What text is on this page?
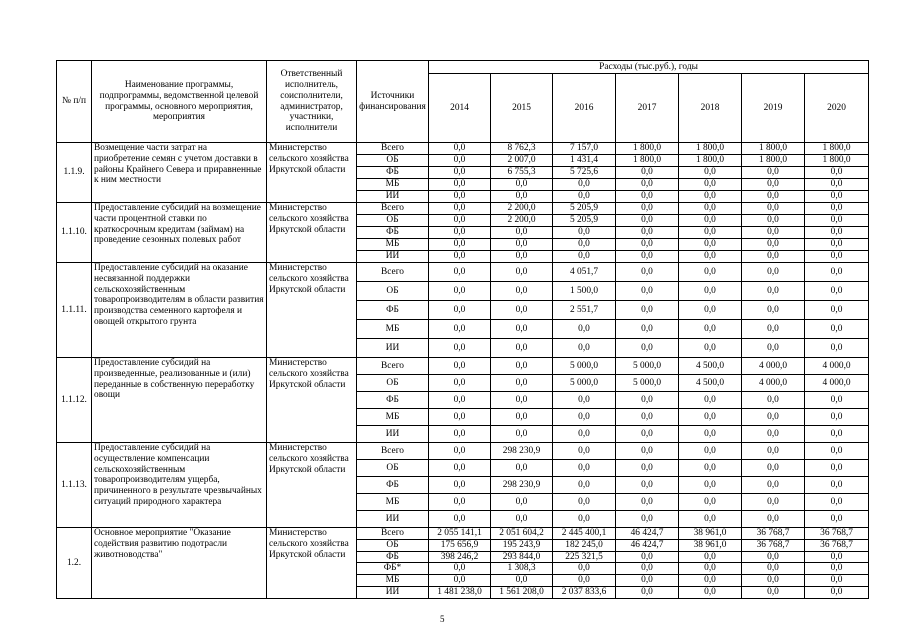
№ п/п	Наименование программы, подпрограммы, ведомственной целевой программы, основного мероприятия, мероприятия	Ответственный исполнитель, соисполнители, администратор, участники, исполнители	Источники финансирования	Расходы (тыс.руб.), годы						
				2014	2015	2016	2017	2018	2019	2020
1.1.9.	Возмещение части затрат на приобретение семян с учетом доставки в районы Крайнего Севера и приравненные к ним местности	Министерство сельского хозяйства Иркутской области	Всего	0,0	8 762,3	7 157,0	1 800,0	1 800,0	1 800,0	1 800,0
			ОБ	0,0	2 007,0	1 431,4	1 800,0	1 800,0	1 800,0	1 800,0
			ФБ	0,0	6 755,3	5 725,6	0,0	0,0	0,0	0,0
			МБ	0,0	0,0	0,0	0,0	0,0	0,0	0,0
			ИИ	0,0	0,0	0,0	0,0	0,0	0,0	0,0
1.1.10.	Предоставление субсидий на возмещение части процентной ставки по краткосрочным кредитам (займам) на проведение сезонных полевых работ	Министерство сельского хозяйства Иркутской области	Всего	0,0	2 200,0	5 205,9	0,0	0,0	0,0	0,0
			ОБ	0,0	2 200,0	5 205,9	0,0	0,0	0,0	0,0
			ФБ	0,0	0,0	0,0	0,0	0,0	0,0	0,0
			МБ	0,0	0,0	0,0	0,0	0,0	0,0	0,0
			ИИ	0,0	0,0	0,0	0,0	0,0	0,0	0,0
1.1.11.	Предоставление субсидий на оказание несвязанной поддержки сельскохозяйственным товаропроизводителям в области развития производства семенного картофеля и овощей открытого грунта	Министерство сельского хозяйства Иркутской области	Всего	0,0	0,0	4 051,7	0,0	0,0	0,0	0,0
			ОБ	0,0	0,0	1 500,0	0,0	0,0	0,0	0,0
			ФБ	0,0	0,0	2 551,7	0,0	0,0	0,0	0,0
			МБ	0,0	0,0	0,0	0,0	0,0	0,0	0,0
			ИИ	0,0	0,0	0,0	0,0	0,0	0,0	0,0
1.1.12.	Предоставление субсидий на произведенные, реализованные и (или) переданные в собственную переработку овощи	Министерство сельского хозяйства Иркутской области	Всего	0,0	0,0	5 000,0	5 000,0	4 500,0	4 000,0	4 000,0
			ОБ	0,0	0,0	5 000,0	5 000,0	4 500,0	4 000,0	4 000,0
			ФБ	0,0	0,0	0,0	0,0	0,0	0,0	0,0
			МБ	0,0	0,0	0,0	0,0	0,0	0,0	0,0
			ИИ	0,0	0,0	0,0	0,0	0,0	0,0	0,0
1.1.13.	Предоставление субсидий на осуществление компенсации сельскохозяйственным товаропроизводителям ущерба, причиненного в результате чрезвычайных ситуаций природного характера	Министерство сельского хозяйства Иркутской области	Всего	0,0	298 230,9	0,0	0,0	0,0	0,0	0,0
			ОБ	0,0	0,0	0,0	0,0	0,0	0,0	0,0
			ФБ	0,0	298 230,9	0,0	0,0	0,0	0,0	0,0
			МБ	0,0	0,0	0,0	0,0	0,0	0,0	0,0
			ИИ	0,0	0,0	0,0	0,0	0,0	0,0	0,0
1.2.	Основное мероприятие "Оказание содействия развитию подотрасли животноводства"	Министерство сельского хозяйства Иркутской области	Всего	2 055 141,1	2 051 604,2	2 445 400,1	46 424,7	38 961,0	36 768,7	36 768,7
			ОБ	175 656,9	195 243,9	182 245,0	46 424,7	38 961,0	36 768,7	36 768,7
			ФБ	398 246,2	293 844,0	225 321,5	0,0	0,0	0,0	0,0
			ФБ*	0,0	1 308,3	0,0	0,0	0,0	0,0	0,0
			МБ	0,0	0,0	0,0	0,0	0,0	0,0	0,0
			ИИ	1 481 238,0	1 561 208,0	2 037 833,6	0,0	0,0	0,0	0,0
5
